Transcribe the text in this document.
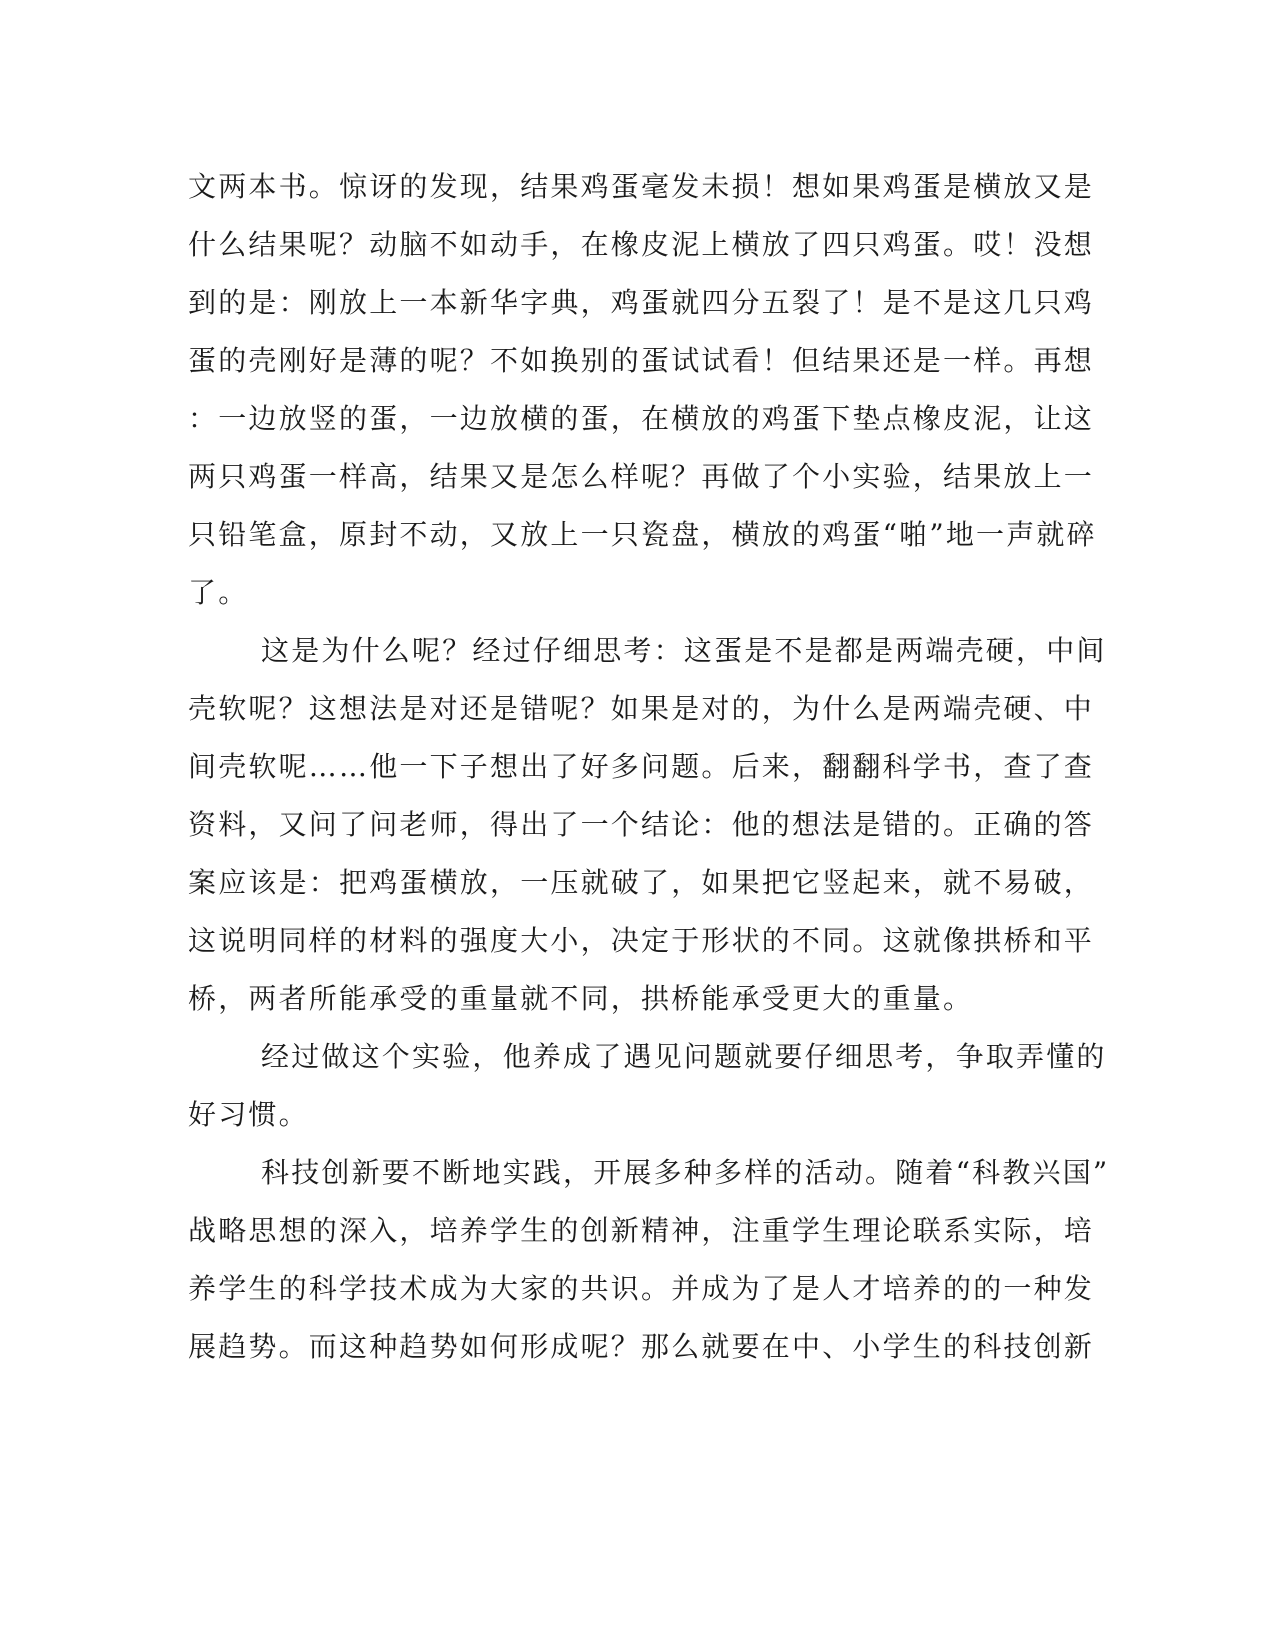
文两本书。惊讶的发现，结果鸡蛋毫发未损！想如果鸡蛋是横放又是
什么结果呢？动脑不如动手，在橡皮泥上横放了四只鸡蛋。哎！没想
到的是：刚放上一本新华字典，鸡蛋就四分五裂了！是不是这几只鸡
蛋的壳刚好是薄的呢？不如换别的蛋试试看！但结果还是一样。再想
：一边放竖的蛋，一边放横的蛋，在横放的鸡蛋下垫点橡皮泥，让这
两只鸡蛋一样高，结果又是怎么样呢？再做了个小实验，结果放上一
只铅笔盒，原封不动，又放上一只瓷盘，横放的鸡蛋“啪”地一声就碎
了。
这是为什么呢？经过仔细思考：这蛋是不是都是两端壳硬，中间
壳软呢？这想法是对还是错呢？如果是对的，为什么是两端壳硬、中
间壳软呢……他一下子想出了好多问题。后来，翻翻科学书，查了查
资料，又问了问老师，得出了一个结论：他的想法是错的。正确的答
案应该是：把鸡蛋横放，一压就破了，如果把它竖起来，就不易破，
这说明同样的材料的强度大小，决定于形状的不同。这就像拱桥和平
桥，两者所能承受的重量就不同，拱桥能承受更大的重量。
经过做这个实验，他养成了遇见问题就要仔细思考，争取弄懂的
好习惯。
科技创新要不断地实践，开展多种多样的活动。随着“科教兴国”
战略思想的深入，培养学生的创新精神，注重学生理论联系实际，培
养学生的科学技术成为大家的共识。并成为了是人才培养的的一种发
展趋势。而这种趋势如何形成呢？那么就要在中、小学生的科技创新
